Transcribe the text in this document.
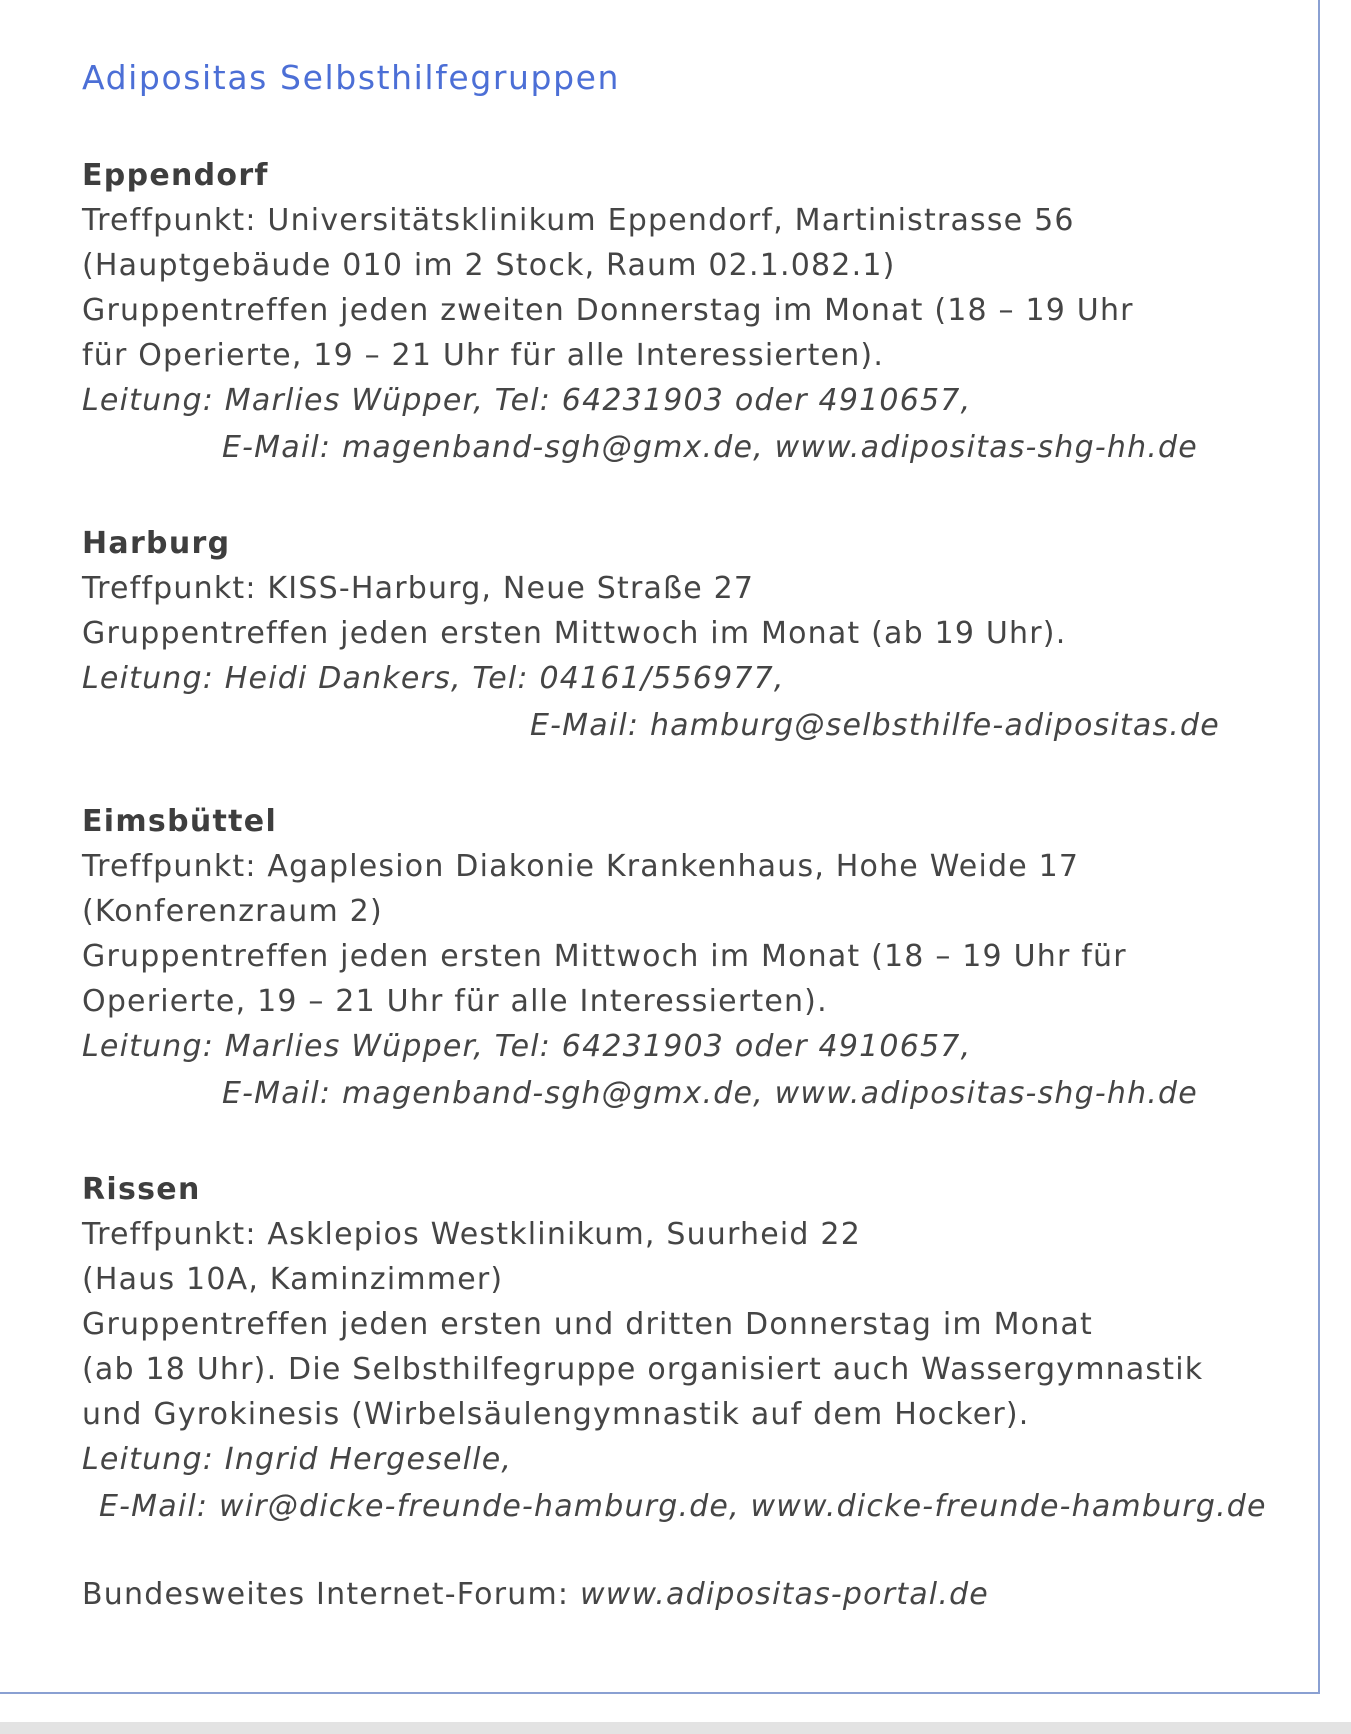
Adipositas Selbsthilfegruppen

Eppendorf

Treffpunkt: Universitätsklinikum Eppendorf, Martinistrasse 56

(Hauptgebäude 010 im 2 Stock, Raum 02.1.082.1)

Gruppentreffen jeden zweiten Donnerstag im Monat (18 – 19 Uhr

für Operierte, 19 – 21 Uhr für alle Interessierten).

Leitung: Marlies Wüpper, Tel: 64231903 oder 4910657,

E-Mail: magenband-sgh@gmx.de, www.adipositas-shg-hh.de

Harburg

Treffpunkt: KISS-Harburg, Neue Straße 27

Gruppentreffen jeden ersten Mittwoch im Monat (ab 19 Uhr).

Leitung: Heidi Dankers, Tel: 04161/556977,

E-Mail: hamburg@selbsthilfe-adipositas.de

Eimsbüttel

Treffpunkt: Agaplesion Diakonie Krankenhaus, Hohe Weide 17

(Konferenzraum 2)

Gruppentreffen jeden ersten Mittwoch im Monat (18 – 19 Uhr für

Operierte, 19 – 21 Uhr für alle Interessierten).

Leitung: Marlies Wüpper, Tel: 64231903 oder 4910657,

E-Mail: magenband-sgh@gmx.de, www.adipositas-shg-hh.de

Rissen

Treffpunkt: Asklepios Westklinikum, Suurheid 22

(Haus 10A, Kaminzimmer)

Gruppentreffen jeden ersten und dritten Donnerstag im Monat

(ab 18 Uhr). Die Selbsthilfegruppe organisiert auch Wassergymnastik

und Gyrokinesis (Wirbelsäulengymnastik auf dem Hocker).

Leitung: Ingrid Hergeselle,

E-Mail: wir@dicke-freunde-hamburg.de, www.dicke-freunde-hamburg.de

Bundesweites Internet-Forum: www.adipositas-portal.de
